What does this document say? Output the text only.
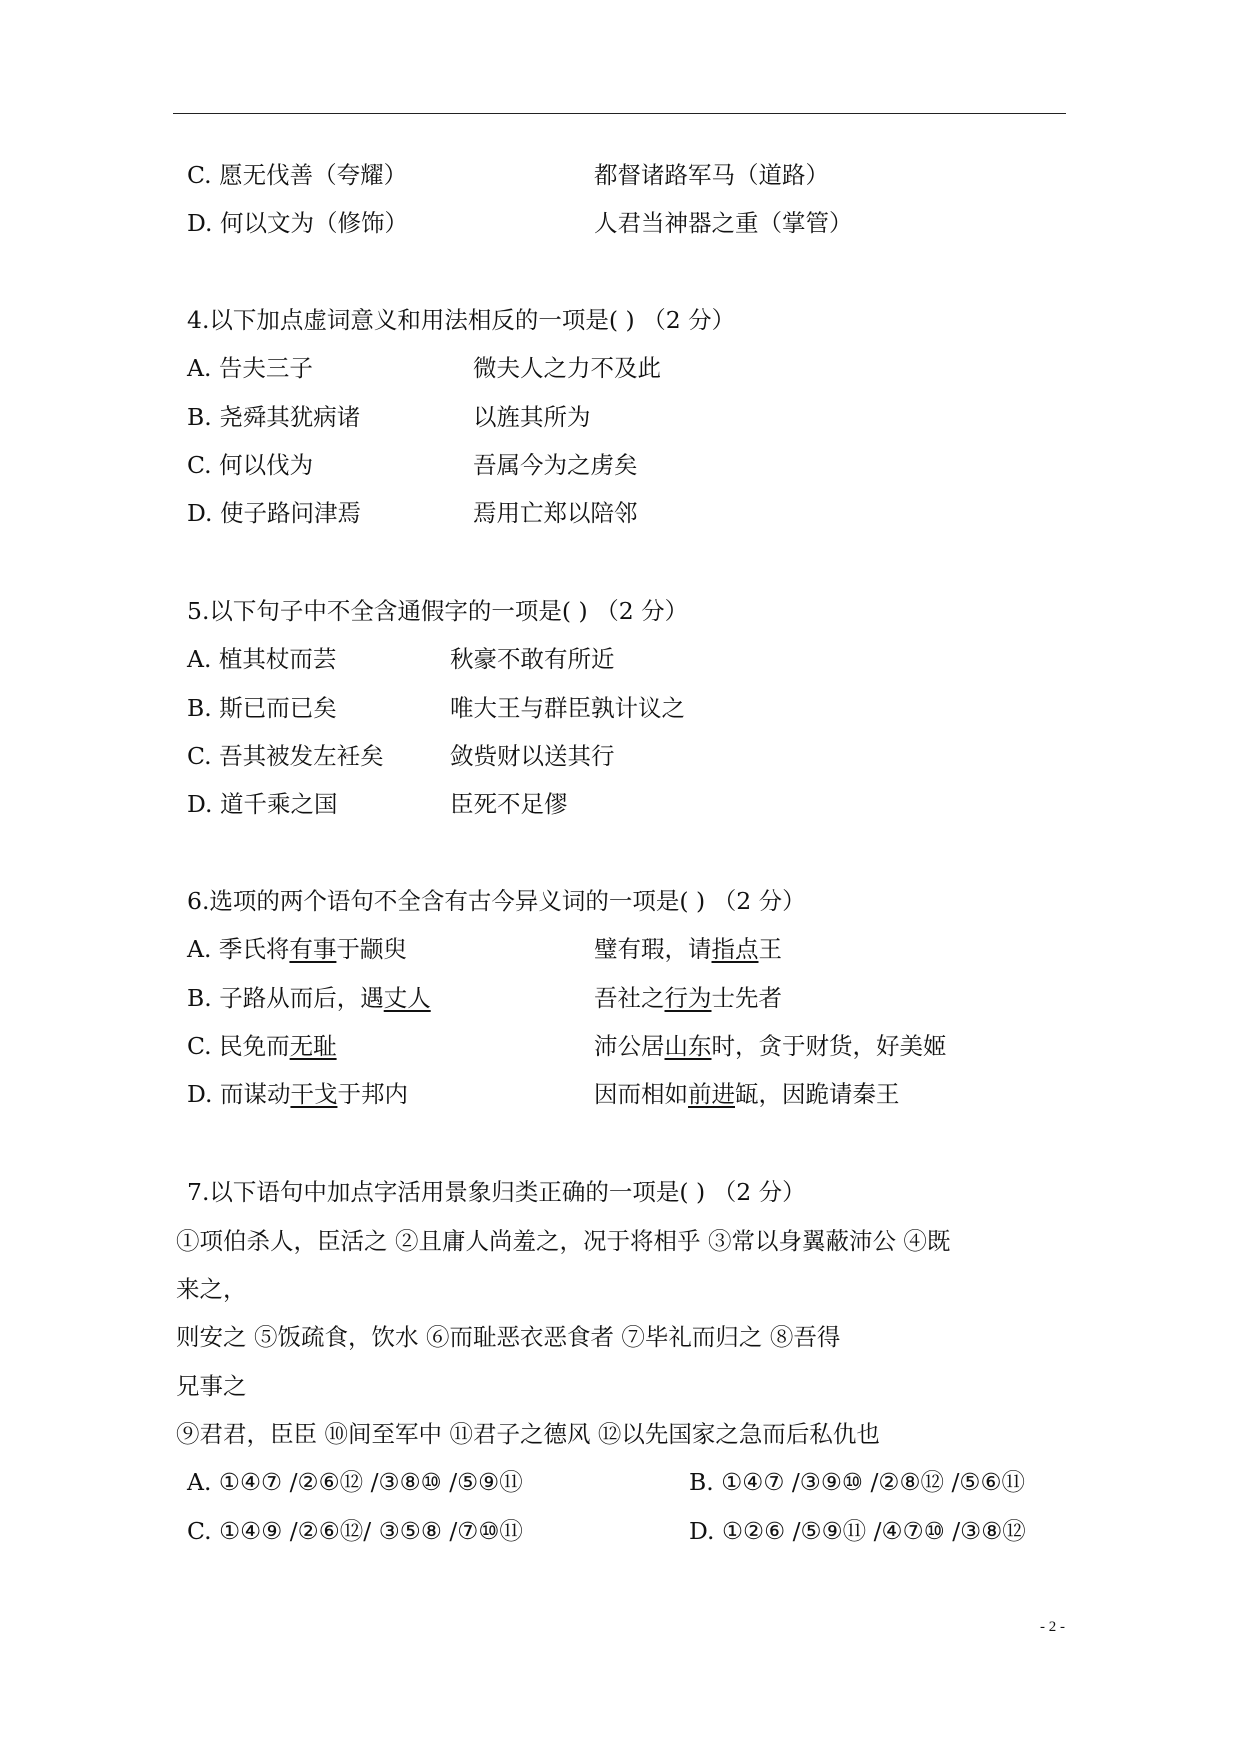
C. 愿无伐善（夸耀）	都督诸路军马（道路）
D. 何以文为（修饰）	人君当神器之重（掌管）
4.以下加点虚词意义和用法相反的一项是( ) （2 分）
A. 告夫三子	微夫人之力不及此
B. 尧舜其犹病诸	以旌其所为
C. 何以伐为	吾属今为之虏矣
D. 使子路问津焉	焉用亡郑以陪邻
5.以下句子中不全含通假字的一项是( ) （2 分）
A. 植其杖而芸	秋豪不敢有所近
B. 斯已而已矣	唯大王与群臣孰计议之
C. 吾其被发左衽矣	敛赀财以送其行
D. 道千乘之国	臣死不足僇
6.选项的两个语句不全含有古今异义词的一项是( ) （2 分）
A. 季氏将有事于颛臾	璧有瑕，请指点王
B. 子路从而后，遇丈人	吾社之行为士先者
C. 民免而无耻	沛公居山东时，贪于财货，好美姬
D. 而谋动干戈于邦内	因而相如前进缻，因跪请秦王
7.以下语句中加点字活用景象归类正确的一项是( ) （2 分）
①项伯杀人，臣活之 ②且庸人尚羞之，况于将相乎 ③常以身翼蔽沛公 ④既
来之，
则安之 ⑤饭疏食，饮水 ⑥而耻恶衣恶食者 ⑦毕礼而归之 ⑧吾得
兄事之
⑨君君，臣臣 ⑩间至军中 ⑪君子之德风 ⑫以先国家之急而后私仇也
A. ①④⑦ /②⑥⑫ /③⑧⑩ /⑤⑨⑪	B. ①④⑦ /③⑨⑩ /②⑧⑫ /⑤⑥⑪
C. ①④⑨ /②⑥⑫/ ③⑤⑧ /⑦⑩⑪	D. ①②⑥ /⑤⑨⑪ /④⑦⑩ /③⑧⑫
- 2 -
